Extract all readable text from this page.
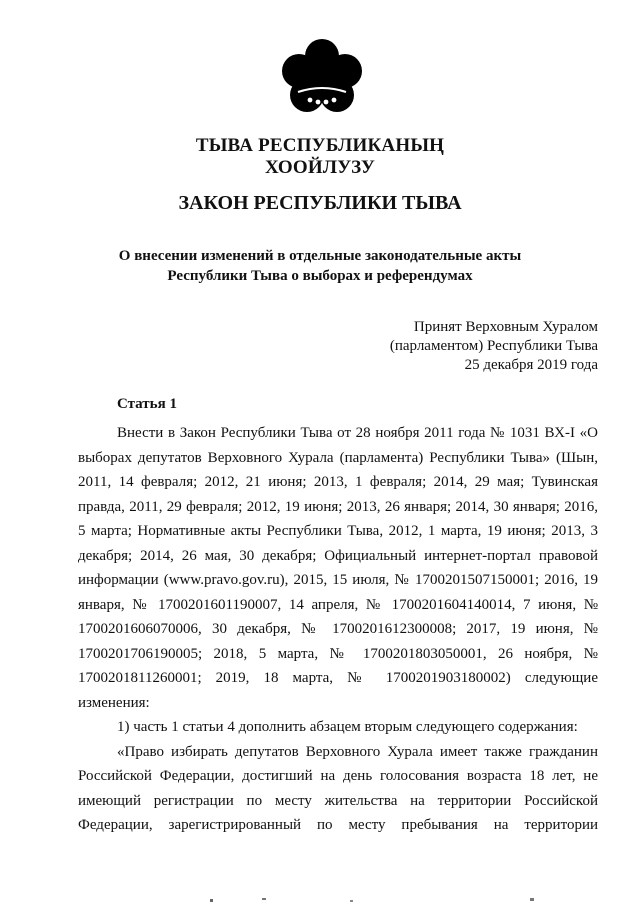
ТЫВА РЕСПУБЛИКАНЫҢ
ХООЙЛУЗУ
ЗАКОН РЕСПУБЛИКИ ТЫВА
О внесении изменений в отдельные законодательные акты
Республики Тыва о выборах и референдумах
Принят Верховным Хуралом
(парламентом) Республики Тыва
25 декабря 2019 года
Статья 1
Внести в Закон Республики Тыва от 28 ноября 2011 года № 1031 ВХ-I «О
выборах депутатов Верховного Хурала (парламента) Республики Тыва» (Шын,
2011, 14 февраля; 2012, 21 июня; 2013, 1 февраля; 2014, 29 мая; Тувинская
правда, 2011, 29 февраля; 2012, 19 июня; 2013, 26 января; 2014, 30 января; 2016,
5 марта; Нормативные акты Республики Тыва, 2012, 1 марта, 19 июня; 2013, 3
декабря; 2014, 26 мая, 30 декабря; Официальный интернет-портал правовой
информации (www.pravo.gov.ru), 2015, 15 июля, № 1700201507150001; 2016, 19
января, № 1700201601190007, 14 апреля, № 1700201604140014, 7 июня, №
1700201606070006, 30 декабря, № 1700201612300008; 2017, 19 июня, №
1700201706190005; 2018, 5 марта, № 1700201803050001, 26 ноября, №
1700201811260001; 2019, 18 марта, № 1700201903180002) следующие
изменения:
1) часть 1 статьи 4 дополнить абзацем вторым следующего содержания:
«Право избирать депутатов Верховного Хурала имеет также гражданин
Российской Федерации, достигший на день голосования возраста 18 лет, не
имеющий регистрации по месту жительства на территории Российской
Федерации, зарегистрированный по месту пребывания на территории
